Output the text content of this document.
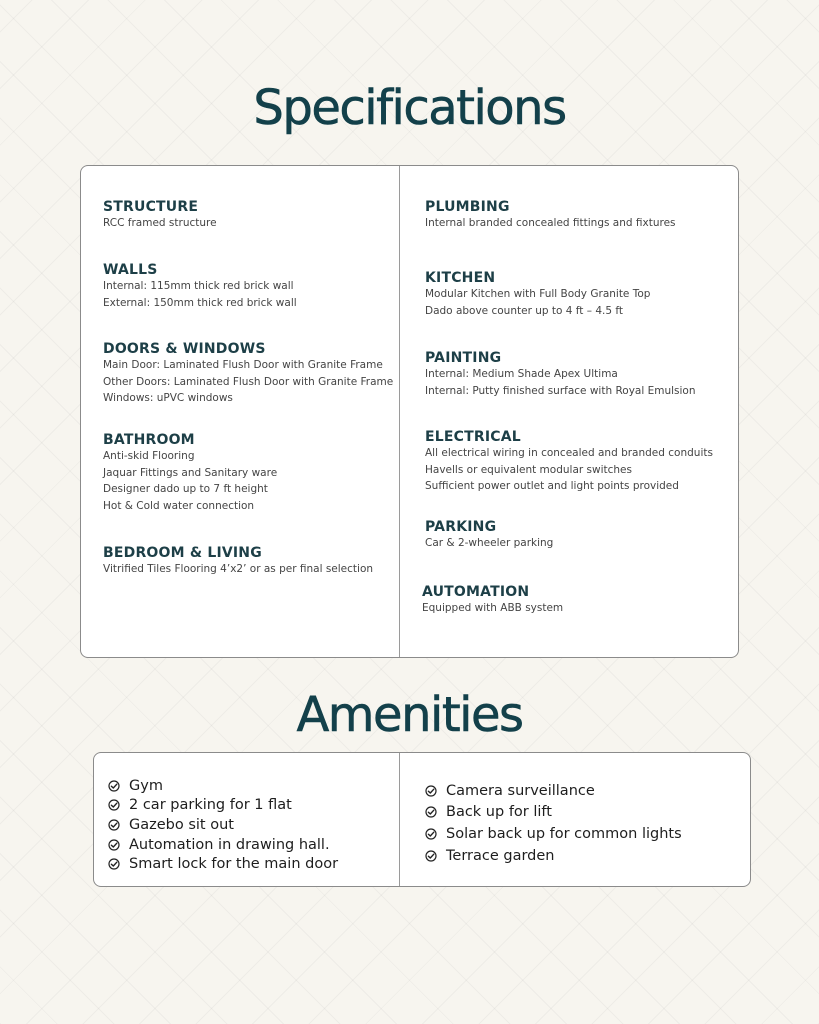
Specifications
STRUCTURE
RCC framed structure
WALLS
Internal: 115mm thick red brick wall
External: 150mm thick red brick wall
DOORS & WINDOWS
Main Door: Laminated Flush Door with Granite Frame
Other Doors: Laminated Flush Door with Granite Frame
Windows: uPVC windows
BATHROOM
Anti-skid Flooring
Jaquar Fittings and Sanitary ware
Designer dado up to 7 ft height
Hot & Cold water connection
BEDROOM & LIVING
Vitrified Tiles Flooring 4’x2’ or as per final selection
PLUMBING
Internal branded concealed fittings and fixtures
KITCHEN
Modular Kitchen with Full Body Granite Top
Dado above counter up to 4 ft – 4.5 ft
PAINTING
Internal: Medium Shade Apex Ultima
Internal: Putty finished surface with Royal Emulsion
ELECTRICAL
All electrical wiring in concealed and branded conduits
Havells or equivalent modular switches
Sufficient power outlet and light points provided
PARKING
Car & 2-wheeler parking
AUTOMATION
Equipped with ABB system
Amenities
Gym
2 car parking for 1 flat
Gazebo sit out
Automation in drawing hall.
Smart lock for the main door
Camera surveillance
Back up for lift
Solar back up for common lights
Terrace garden
